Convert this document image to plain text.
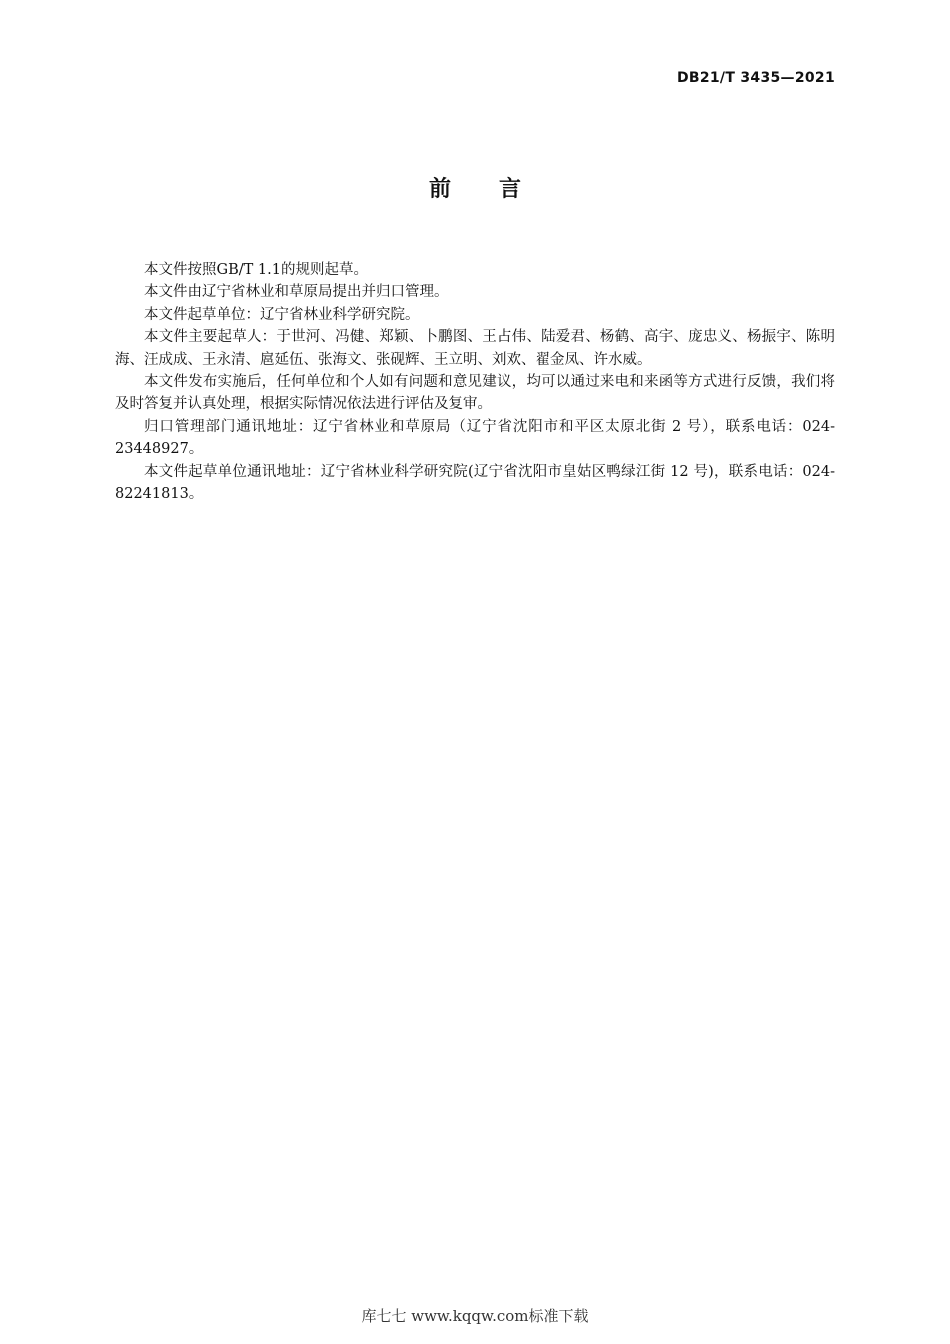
DB21/T 3435—2021
前言

本文件按照GB/T 1.1的规则起草。

本文件由辽宁省林业和草原局提出并归口管理。

本文件起草单位：辽宁省林业科学研究院。

本文件主要起草人：于世河、冯健、郑颖、卜鹏图、王占伟、陆爱君、杨鹤、高宇、庞忠义、杨振宇、陈明海、汪成成、王永清、扈延伍、张海文、张砚辉、王立明、刘欢、翟金凤、许水威。

本文件发布实施后，任何单位和个人如有问题和意见建议，均可以通过来电和来函等方式进行反馈，我们将及时答复并认真处理，根据实际情况依法进行评估及复审。

归口管理部门通讯地址：辽宁省林业和草原局（辽宁省沈阳市和平区太原北街 2 号），联系电话：024-23448927。

本文件起草单位通讯地址：辽宁省林业科学研究院(辽宁省沈阳市皇姑区鸭绿江街 12 号)，联系电话：024-82241813。

库七七 www.kqqw.com标准下载
